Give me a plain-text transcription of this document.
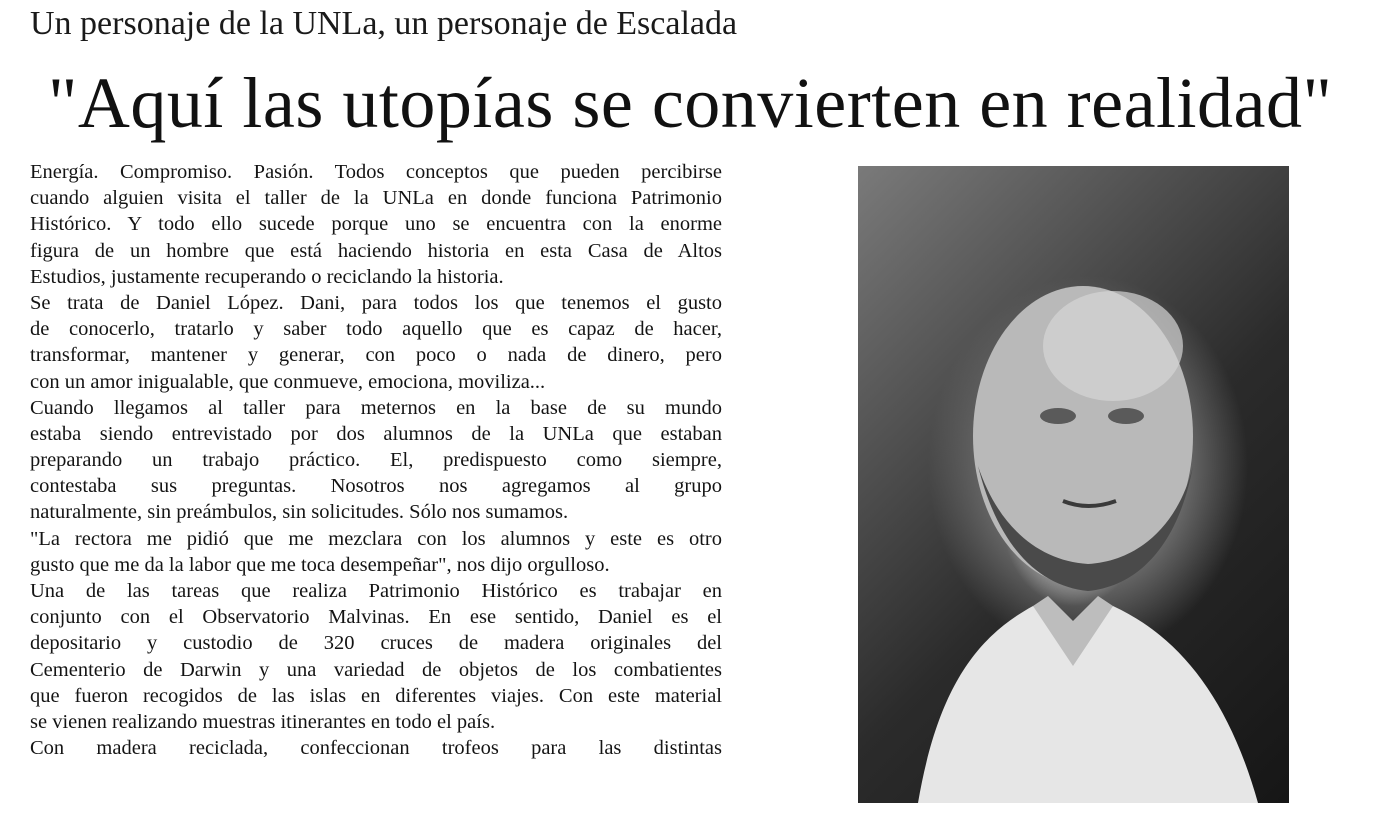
Un personaje de la UNLa, un personaje de Escalada
"Aquí las utopías se convierten en realidad"
Energía. Compromiso. Pasión. Todos conceptos que pueden percibirse
cuando alguien visita el taller de la UNLa en donde funciona Patrimonio
Histórico. Y todo ello sucede porque uno se encuentra con la enorme
figura de un hombre que está haciendo historia en esta Casa de Altos
Estudios, justamente recuperando o reciclando la historia.
Se trata de Daniel López. Dani, para todos los que tenemos el gusto
de conocerlo, tratarlo y saber todo aquello que es capaz de hacer,
transformar, mantener y generar, con poco o nada de dinero, pero
con un amor inigualable, que conmueve, emociona, moviliza...
Cuando llegamos al taller para meternos en la base de su mundo
estaba siendo entrevistado por dos alumnos de la UNLa que estaban
preparando un trabajo práctico. El, predispuesto como siempre,
contestaba sus preguntas. Nosotros nos agregamos al grupo
naturalmente, sin preámbulos, sin solicitudes. Sólo nos sumamos.
"La rectora me pidió que me mezclara con los alumnos y este es otro
gusto que me da la labor que me toca desempeñar", nos dijo orgulloso.
Una de las tareas que realiza Patrimonio Histórico es trabajar en
conjunto con el Observatorio Malvinas. En ese sentido, Daniel es el
depositario y custodio de 320 cruces de madera originales del
Cementerio de Darwin y una variedad de objetos de los combatientes
que fueron recogidos de las islas en diferentes viajes. Con este material
se vienen realizando muestras itinerantes en todo el país.
Con madera reciclada, confeccionan trofeos para las distintas
